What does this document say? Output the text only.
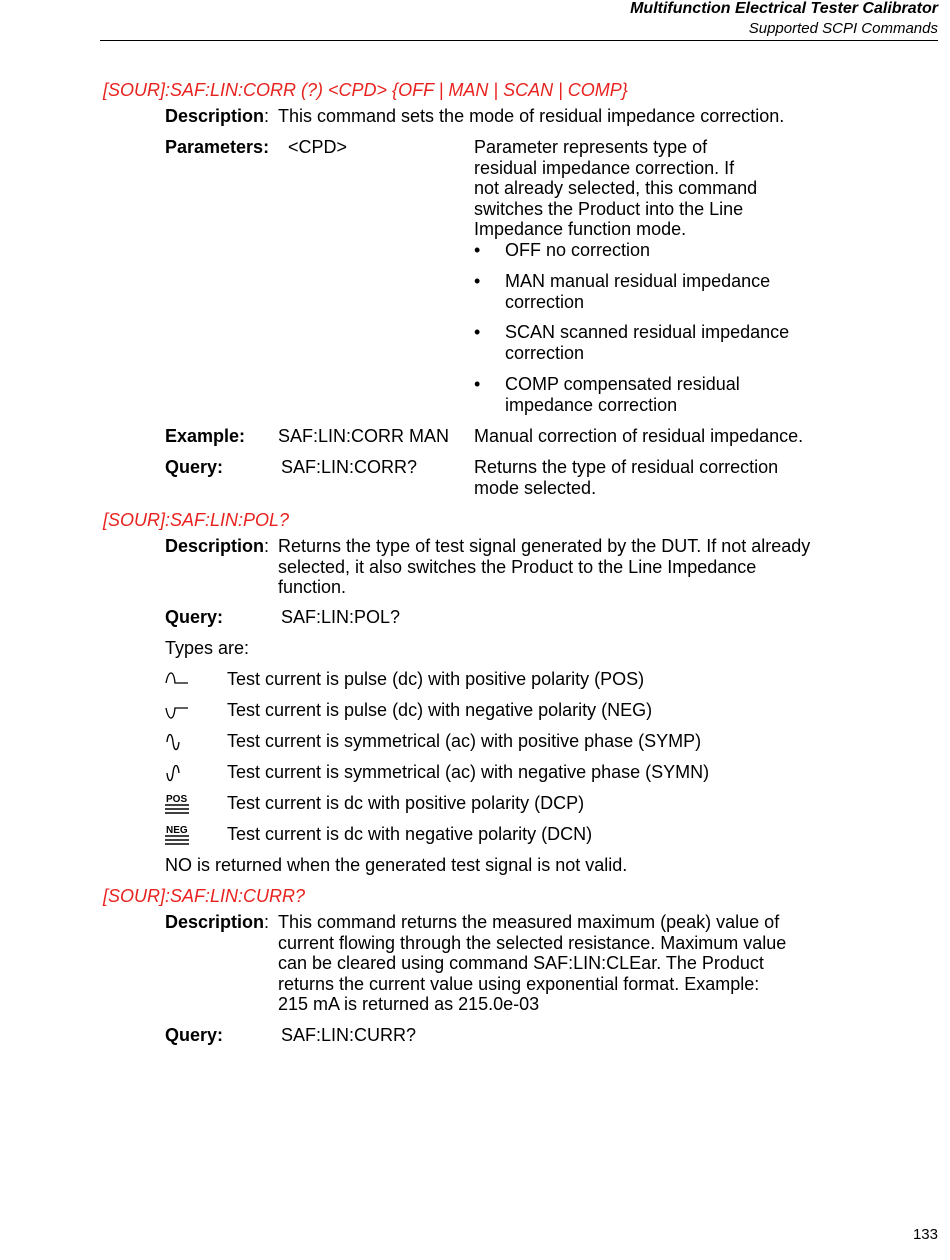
Multifunction Electrical Tester Calibrator
Supported SCPI Commands
[SOUR]:SAF:LIN:CORR (?) <CPD> {OFF | MAN | SCAN | COMP}
Description: This command sets the mode of residual impedance correction.
Parameters: <CPD>	Parameter represents type of
residual impedance correction. If
not already selected, this command
switches the Product into the Line
Impedance function mode.
• OFF no correction
• MAN manual residual impedance
correction
• SCAN scanned residual impedance
correction
• COMP compensated residual
impedance correction
Example: SAF:LIN:CORR MAN Manual correction of residual impedance.
Query:	SAF:LIN:CORR?	Returns the type of residual correction
mode selected.
[SOUR]:SAF:LIN:POL?
Description: Returns the type of test signal generated by the DUT. If not already
selected, it also switches the Product to the Line Impedance
function.
Query:	SAF:LIN:POL?
Types are:
Test current is pulse (dc) with positive polarity (POS)
Test current is pulse (dc) with negative polarity (NEG)
Test current is symmetrical (ac) with positive phase (SYMP)
Test current is symmetrical (ac) with negative phase (SYMN)
POS Test current is dc with positive polarity (DCP)
NEG Test current is dc with negative polarity (DCN)
NO is returned when the generated test signal is not valid.
[SOUR]:SAF:LIN:CURR?
Description: This command returns the measured maximum (peak) value of
current flowing through the selected resistance. Maximum value
can be cleared using command SAF:LIN:CLEar. The Product
returns the current value using exponential format. Example:
215 mA is returned as 215.0e-03
Query:	SAF:LIN:CURR?
133
